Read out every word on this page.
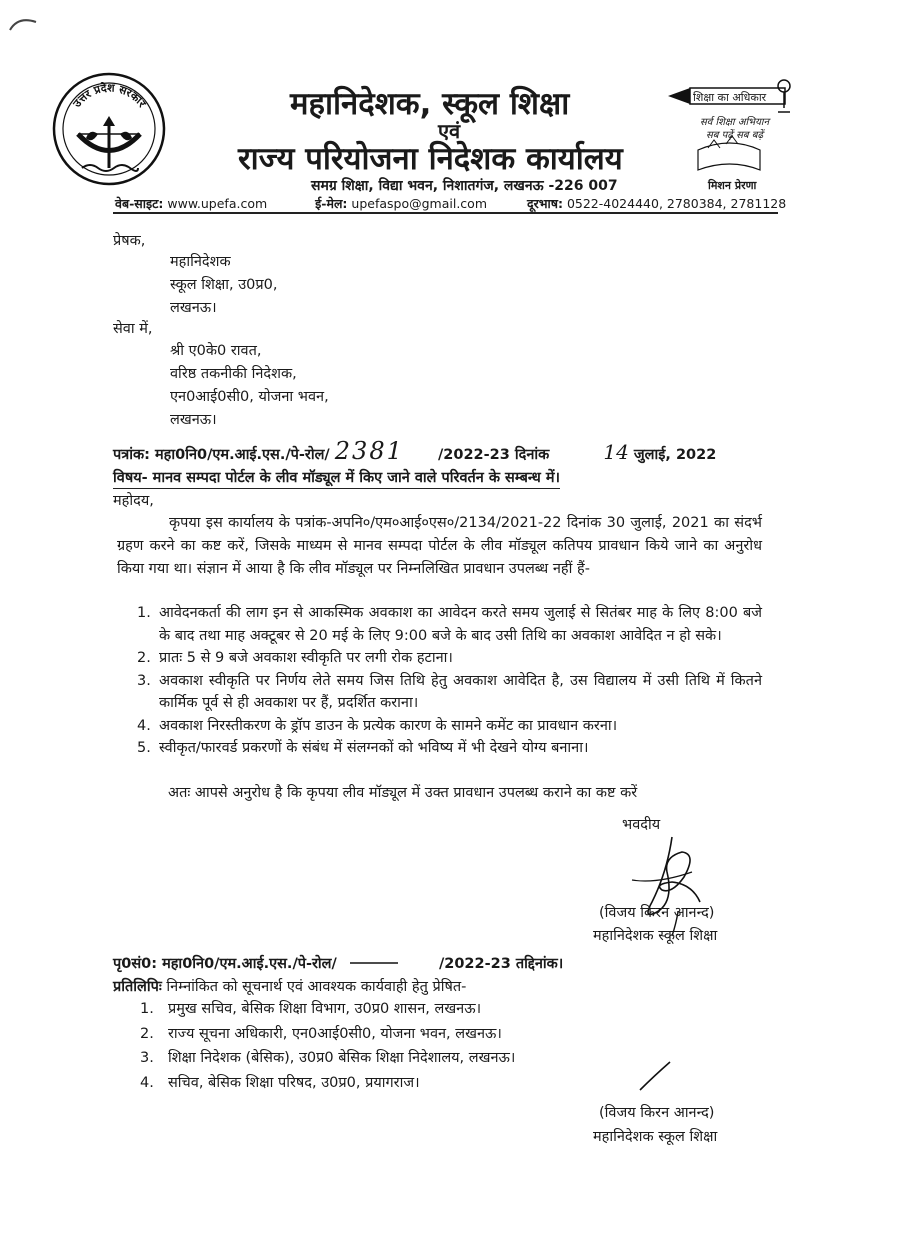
उत्तर प्रदेश सरकार	महानिदेशक, स्कूल शिक्षा
एवं
राज्य परियोजना निदेशक कार्यालय
समग्र शिक्षा, विद्या भवन, निशातगंज, लखनऊ -226 007
वेब-साइट: www.upefa.com	ई-मेल: upefaspo@gmail.com	दूरभाष: 0522-4024440, 2780384, 2781128
शिक्षा का अधिकार
सर्व शिक्षा अभियान
सब पढ़ें सब बढ़ें
मिशन प्रेरणा
प्रेषक,
महानिदेशक
स्कूल शिक्षा, उ0प्र0,
लखनऊ।
सेवा में,
श्री ए0के0 रावत,
वरिष्ठ तकनीकी निदेशक,
एन0आई0सी0, योजना भवन,
लखनऊ।
पत्रांक: महा0नि0/एम.आई.एस./पे-रोल/ 2381 /2022-23 दिनांक	14 जुलाई, 2022
विषय- मानव सम्पदा पोर्टल के लीव मॉड्यूल में किए जाने वाले परिवर्तन के सम्बन्ध में।
महोदय,
कृपया इस कार्यालय के पत्रांक-अपनि०/एम०आई०एस०/2134/2021-22 दिनांक 30 जुलाई, 2021 का संदर्भ ग्रहण करने का कष्ट करें, जिसके माध्यम से मानव सम्पदा पोर्टल के लीव मॉड्यूल कतिपय प्रावधान किये जाने का अनुरोध किया गया था। संज्ञान में आया है कि लीव मॉड्यूल पर निम्नलिखित प्रावधान उपलब्ध नहीं हैं-
1. आवेदनकर्ता की लाग इन से आकस्मिक अवकाश का आवेदन करते समय जुलाई से सितंबर माह के लिए 8:00 बजे के बाद तथा माह अक्टूबर से 20 मई के लिए 9:00 बजे के बाद उसी तिथि का अवकाश आवेदित न हो सके।
2. प्रातः 5 से 9 बजे अवकाश स्वीकृति पर लगी रोक हटाना।
3. अवकाश स्वीकृति पर निर्णय लेते समय जिस तिथि हेतु अवकाश आवेदित है, उस विद्यालय में उसी तिथि में कितने कार्मिक पूर्व से ही अवकाश पर हैं, प्रदर्शित कराना।
4. अवकाश निरस्तीकरण के ड्रॉप डाउन के प्रत्येक कारण के सामने कमेंट का प्रावधान करना।
5. स्वीकृत/फारवर्ड प्रकरणों के संबंध में संलग्नकों को भविष्य में भी देखने योग्य बनाना।
अतः आपसे अनुरोध है कि कृपया लीव मॉड्यूल में उक्त प्रावधान उपलब्ध कराने का कष्ट करें
भवदीय
(विजय किरन आनन्द)
महानिदेशक स्कूल शिक्षा
पृ0सं0: महा0नि0/एम.आई.एस./पे-रोल/	/2022-23 तद्दिनांक।
प्रतिलिपिः निम्नांकित को सूचनार्थ एवं आवश्यक कार्यवाही हेतु प्रेषित-
1. प्रमुख सचिव, बेसिक शिक्षा विभाग, उ0प्र0 शासन, लखनऊ।
2. राज्य सूचना अधिकारी, एन0आई0सी0, योजना भवन, लखनऊ।
3. शिक्षा निदेशक (बेसिक), उ0प्र0 बेसिक शिक्षा निदेशालय, लखनऊ।
4. सचिव, बेसिक शिक्षा परिषद, उ0प्र0, प्रयागराज।
(विजय किरन आनन्द)
महानिदेशक स्कूल शिक्षा
